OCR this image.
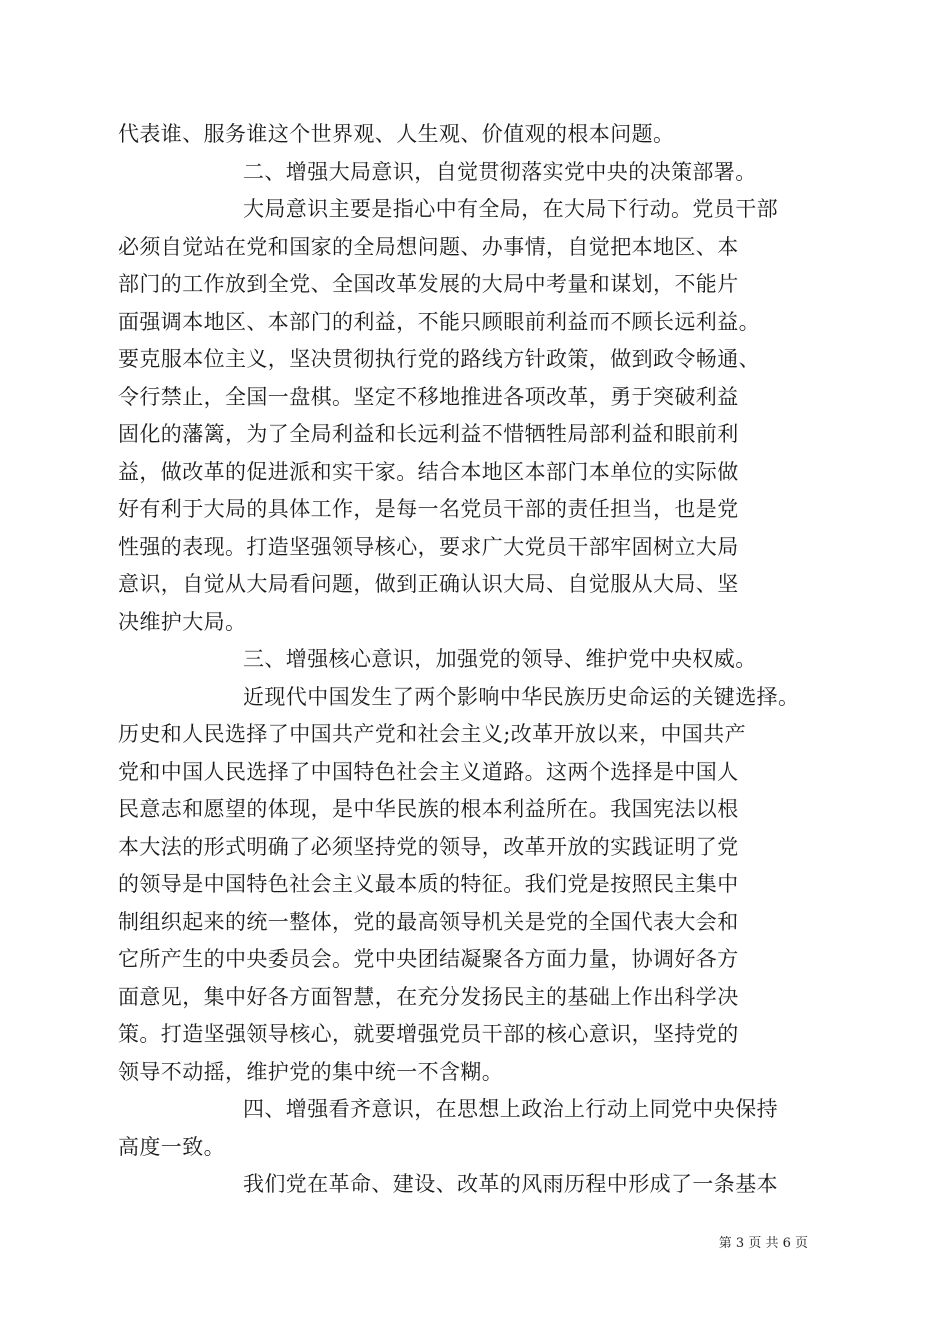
代表谁、服务谁这个世界观、人生观、价值观的根本问题。
二、增强大局意识，自觉贯彻落实党中央的决策部署。
大局意识主要是指心中有全局，在大局下行动。党员干部
必须自觉站在党和国家的全局想问题、办事情，自觉把本地区、本
部门的工作放到全党、全国改革发展的大局中考量和谋划，不能片
面强调本地区、本部门的利益，不能只顾眼前利益而不顾长远利益。
要克服本位主义，坚决贯彻执行党的路线方针政策，做到政令畅通、
令行禁止，全国一盘棋。坚定不移地推进各项改革，勇于突破利益
固化的藩篱，为了全局利益和长远利益不惜牺牲局部利益和眼前利
益，做改革的促进派和实干家。结合本地区本部门本单位的实际做
好有利于大局的具体工作，是每一名党员干部的责任担当，也是党
性强的表现。打造坚强领导核心，要求广大党员干部牢固树立大局
意识，自觉从大局看问题，做到正确认识大局、自觉服从大局、坚
决维护大局。
三、增强核心意识，加强党的领导、维护党中央权威。
近现代中国发生了两个影响中华民族历史命运的关键选择。
历史和人民选择了中国共产党和社会主义;改革开放以来，中国共产
党和中国人民选择了中国特色社会主义道路。这两个选择是中国人
民意志和愿望的体现，是中华民族的根本利益所在。我国宪法以根
本大法的形式明确了必须坚持党的领导，改革开放的实践证明了党
的领导是中国特色社会主义最本质的特征。我们党是按照民主集中
制组织起来的统一整体，党的最高领导机关是党的全国代表大会和
它所产生的中央委员会。党中央团结凝聚各方面力量，协调好各方
面意见，集中好各方面智慧，在充分发扬民主的基础上作出科学决
策。打造坚强领导核心，就要增强党员干部的核心意识，坚持党的
领导不动摇，维护党的集中统一不含糊。
四、增强看齐意识，在思想上政治上行动上同党中央保持
高度一致。
我们党在革命、建设、改革的风雨历程中形成了一条基本
第 3 页 共 6 页
